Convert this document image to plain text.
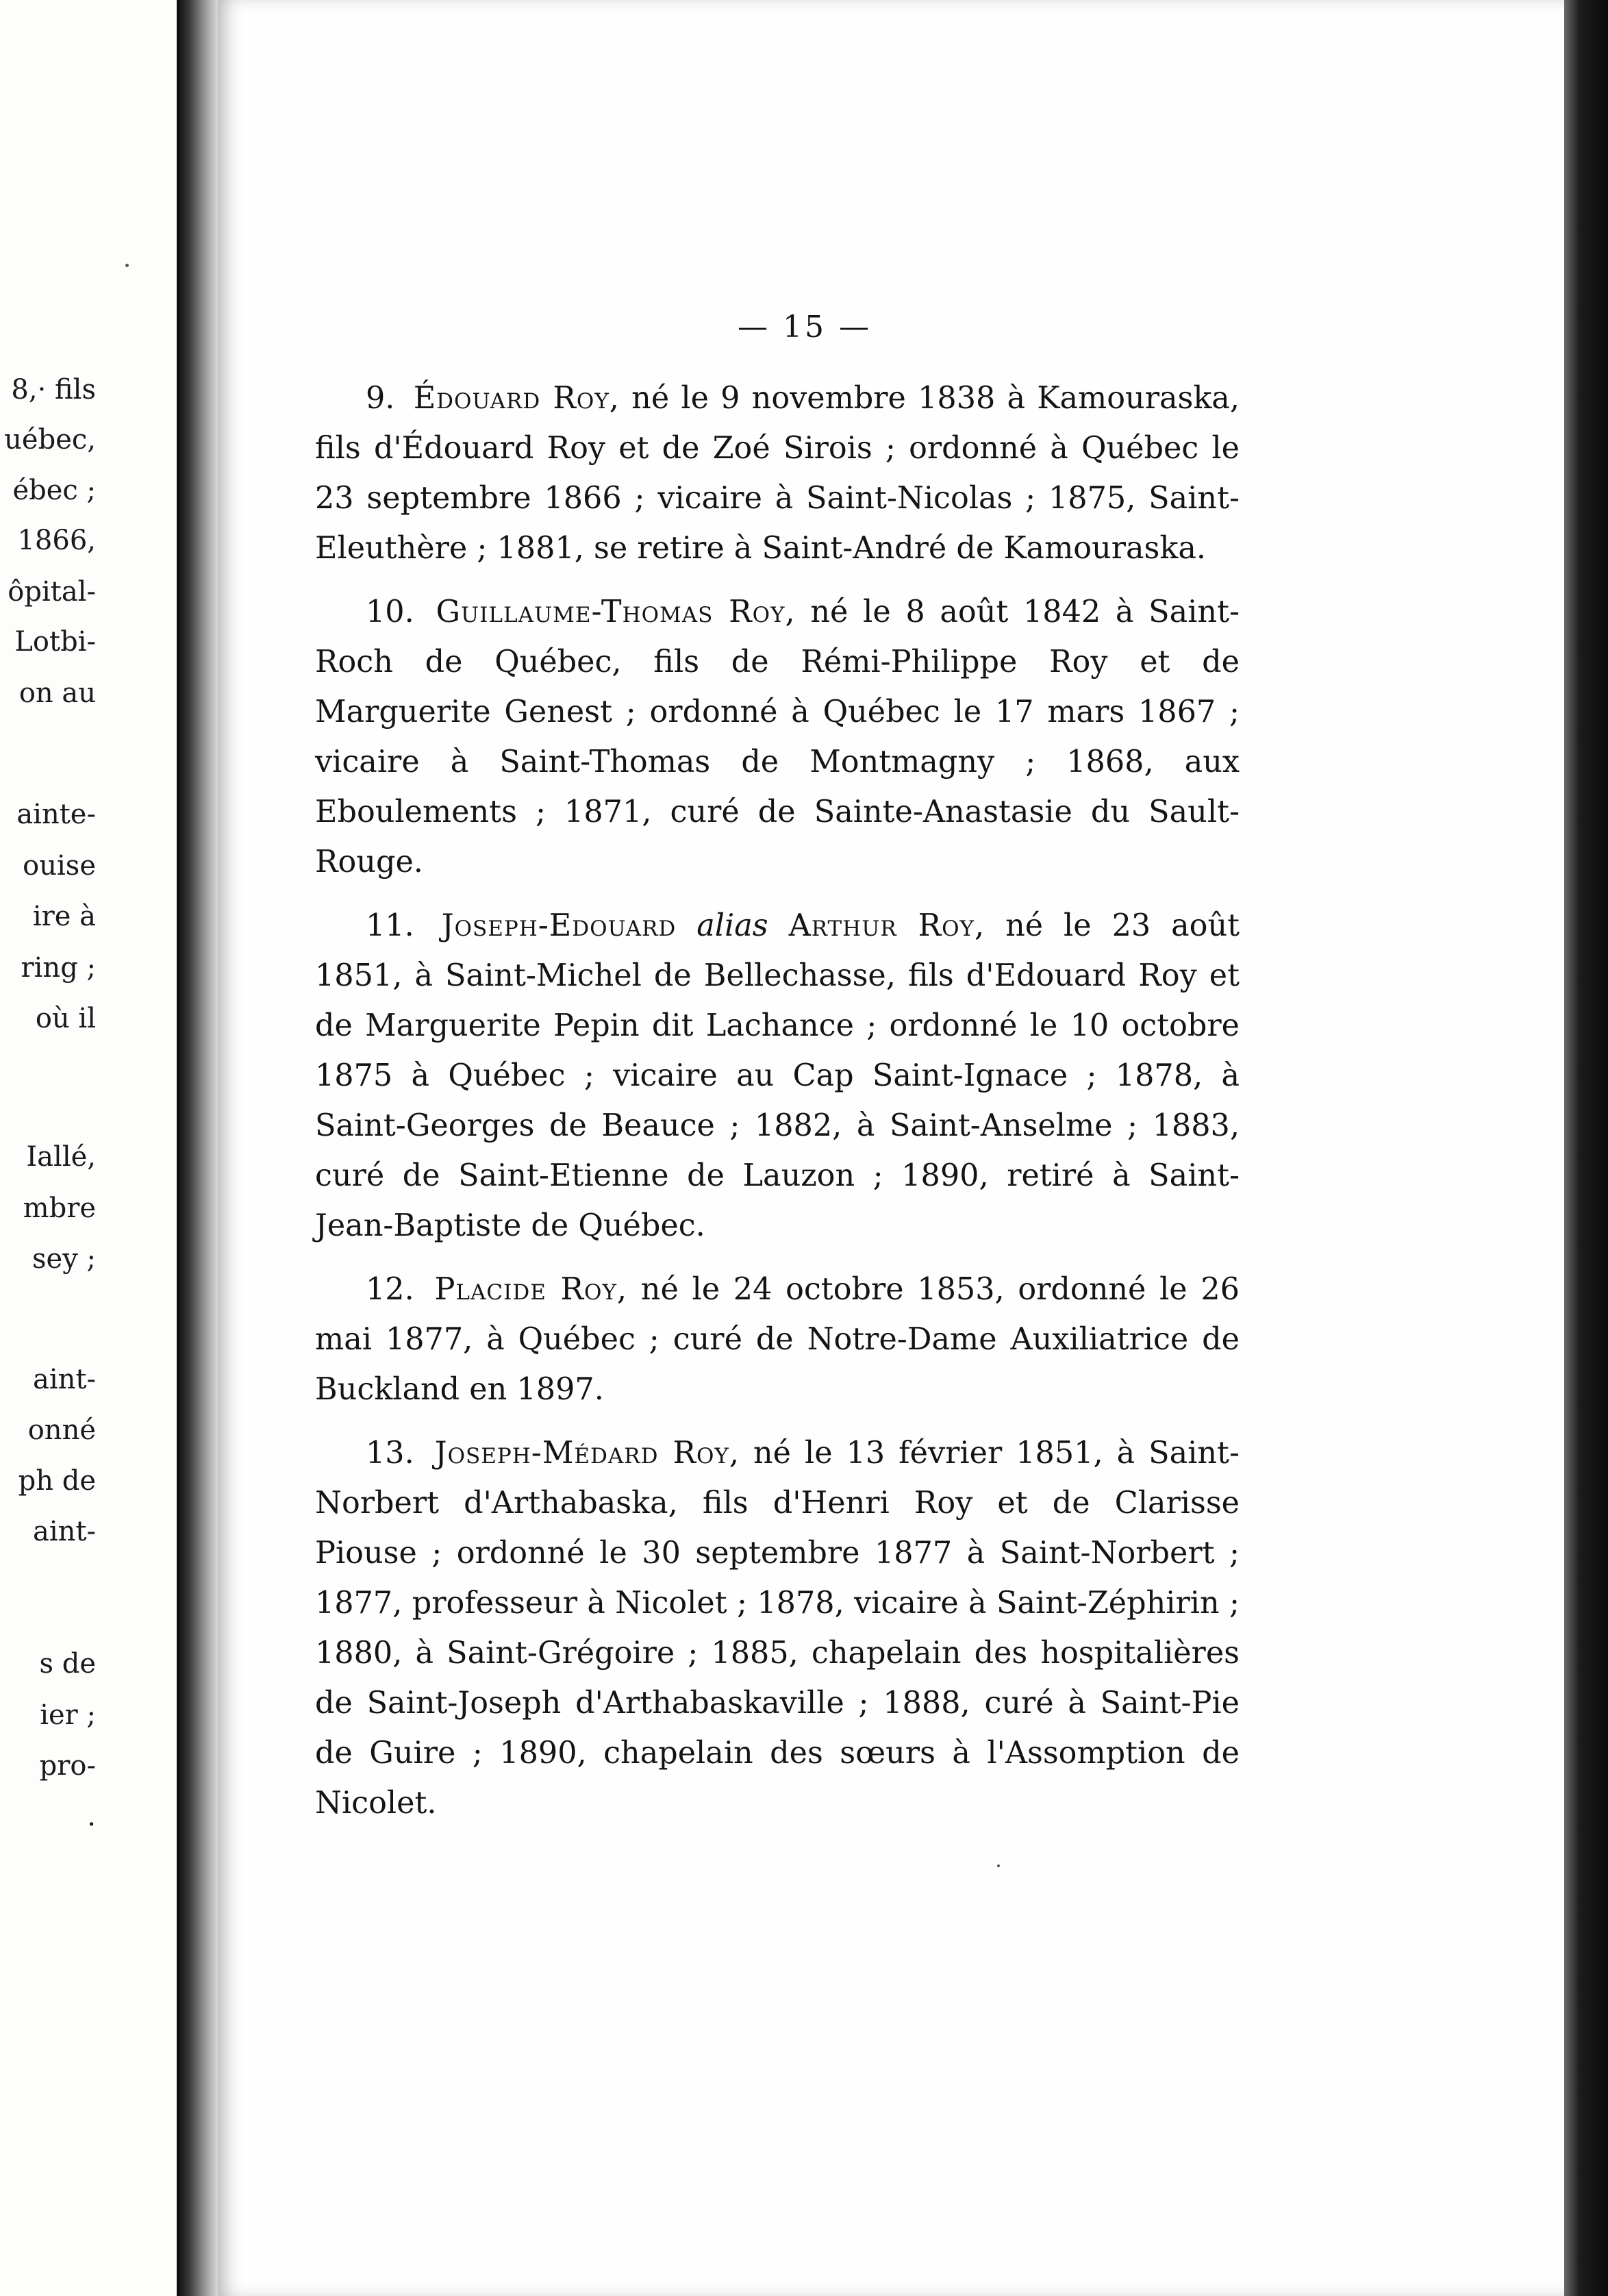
8,· fils
uébec,
ébec ;
1866,
ôpital-
Lotbi-
on au
ainte-
ouise
ire à
ring ;
où il
Iallé,
mbre
sey ;
aint-
onné
ph de
aint-
s de
ier ;
pro-
.
— 15 —

9. Édouard Roy, né le 9 novembre 1838 à Kamouraska, fils d'Édouard Roy et de Zoé Sirois ; ordonné à Québec le 23 septembre 1866 ; vicaire à Saint-Nicolas ; 1875, Saint-Eleuthère ; 1881, se retire à Saint-André de Kamouraska.

10. Guillaume-Thomas Roy, né le 8 août 1842 à Saint-Roch de Québec, fils de Rémi-Philippe Roy et de Marguerite Genest ; ordonné à Québec le 17 mars 1867 ; vicaire à Saint-Thomas de Montmagny ; 1868, aux Eboulements ; 1871, curé de Sainte-Anastasie du Sault-Rouge.

11. Joseph-Edouard alias Arthur Roy, né le 23 août 1851, à Saint-Michel de Bellechasse, fils d'Edouard Roy et de Marguerite Pepin dit Lachance ; ordonné le 10 octobre 1875 à Québec ; vicaire au Cap Saint-Ignace ; 1878, à Saint-Georges de Beauce ; 1882, à Saint-Anselme ; 1883, curé de Saint-Etienne de Lauzon ; 1890, retiré à Saint-Jean-Baptiste de Québec.

12. Placide Roy, né le 24 octobre 1853, ordonné le 26 mai 1877, à Québec ; curé de Notre-Dame Auxiliatrice de Buckland en 1897.

13. Joseph-Médard Roy, né le 13 février 1851, à Saint-Norbert d'Arthabaska, fils d'Henri Roy et de Clarisse Piouse ; ordonné le 30 septembre 1877 à Saint-Norbert ; 1877, professeur à Nicolet ; 1878, vicaire à Saint-Zéphirin ; 1880, à Saint-Grégoire ; 1885, chapelain des hospitalières de Saint-Joseph d'Arthabaskaville ; 1888, curé à Saint-Pie de Guire ; 1890, chapelain des sœurs à l'Assomption de Nicolet.
